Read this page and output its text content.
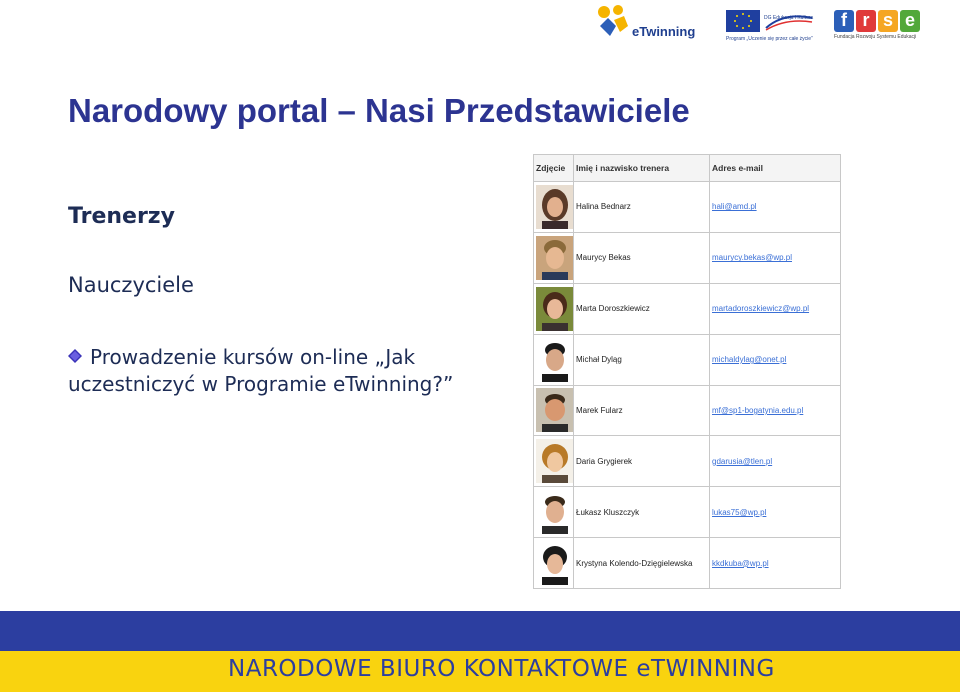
eTwinning
DG Edukacja i Kultura
Program „Uczenie się przez całe życie”
f r s e
Fundacja Rozwoju Systemu Edukacji
Narodowy portal – Nasi Przedstawiciele
Trenerzy
Nauczyciele
Prowadzenie kursów on-line „Jak uczestniczyć w Programie eTwinning?”
Zdjęcie	Imię i nazwisko trenera	Adres e-mail

	Halina Bednarz	hali@amd.pl

	Maurycy Bekas	maurycy.bekas@wp.pl

	Marta Doroszkiewicz	martadoroszkiewicz@wp.pl

	Michał Dyląg	michaldylag@onet.pl

	Marek Fularz	mf@sp1-bogatynia.edu.pl

	Daria Grygierek	gdarusia@tlen.pl

	Łukasz Kluszczyk	lukas75@wp.pl

	Krystyna Kolendo-Dzięgielewska	kkdkuba@wp.pl
NARODOWE BIURO KONTAKTOWE eTWINNING
